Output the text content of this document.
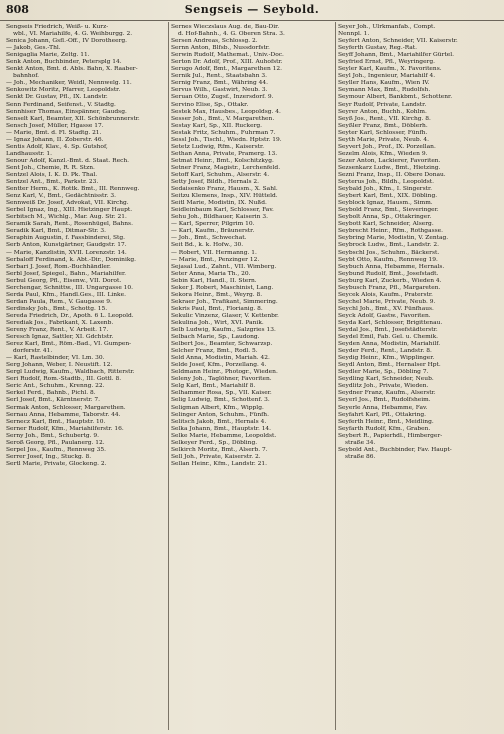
808	Sengseis — Seybold.
Sengseis Friedrich, Weiß- u. Kurz-
wbl., VI. Mariahilfe, 4. G. Weihburgg. 2.
Senica Johann, Gsfl.-Off., IV Dorotheerg.
— Jakob, Ges.-Thl.
Senigaglia Marie, Zeltg. 11.
Senk Anton, Buchbinder, Petersplg 14.
Senkt Anton, Bmt. d. Abls. Bahn, X. Raaber-
bahnhof.
— Joh., Mechaniker, Weidl, Nennwelg. 11.
Senkowitz Moritz, Pfarrer, Leopoldstr.
Senkt Dr. Gustav, Pfl., IX. Landstr.
Senn Ferdinand, Seifenst., V. Stadtg.
Sennhiser Thomas, Einspänner, Gaudsg.
Senselt Karl, Beamter, XII. Schönbrunnerstr.
Sensch Josef, Müller, Hgasse 17.
— Marie, Bmt. d. Fl. Stadtg. 21.
— Ignaz Johann, II. Zoberstr. 46.
Sentis Adolf, Klav., 4. Sp. Gutshof,
Landhausstr. 1.
Senour Adolf, Kanzl.-Bmt. d. Staat. Rech.
Sent Joh., Chemie, R. R. Stzn.
Sentzel Alois, I. K. D. Pk. Thal.
Sentzel Ant., Bmt., Parkstr. 23.
Sentter Herm., K. Rottk. Bmt., III. Rennweg.
Senz Karl, V., Bmt., Gedächtnisstr. 3.
Sennweiß Dr. Josef, Advokat, VII. Kirchg.
Serbel Ignaz, Ing., XIII. Hietzinger Haupt.
Serbitsch M., Wichlg., Mar. Aug. Str. 21.
Seramik Sarah, Rent., Rosenhügel, Bahns.
Seradik Karl, Bmt., Ditmar-Str. 3.
Seraphin Augustin, f. Fassbinderei, Stg.
Serb Anton, Kunstgärtner, Gaudgstr. 17.
— Marie, Kanzlistin, XVII. Lorenzstr. 14.
Serbaloff Ferdinand, k. Abt.-Dir., Dominikg.
Serbari J. Josef, Rom.-Buchhändler.
Serbl Josef, Spiegel., Bahn., Mariahilfer.
Serbul Georg, Pfl., Eisenw., VII. Dorot.
Serchengar, Schnittw., III. Ungargasse 10.
Serda Paul, Kfm., Handl.Ges., III. Linke.
Serdan Paula, Rem., V. Gaugasse 9.
Serdinsky Joh., Bmt., Schottg. 15.
Sereda Friedrich, Dr., Apoth. 6 L. Leopold.
Serediak Jos., Fabrikant, X. Laxenb.
Sereny Franz, Rent., V. Arbeit. 17.
Seresch Ignaz, Sattler, XI. Gdchtstr.
Serez Karl, Bmt., Röm.-Bad., VI. Gumpen-
dorferstr. 41.
— Karl, Rastelbinder, VI. Lm. 30.
Serg Johann, Weber, I. Neustift. 12.
Sergl Ludwig, Kaufm., Waldbach, Ritterstr.
Seri Rudolf, Rom.-Stadtb., III. Gottl. 8.
Seric Ant., Schuhm., Krenng. 22.
Serkel Ferd., Bahnb., Pichl. 8.
Serl Josef, Bmt., Kärntnerstr. 7.
Sermak Anton, Schlosser, Margarethen.
Sernau Anna, Hebamme, Taborstr. 44.
Sernecz Karl, Bmt., Hauptstr. 10.
Serner Rudolf, Kfm., Mariahilferstr. 16.
Serny Joh., Bmt., Schubertg. 9.
Seroß Georg, Pfl., Paulanerg. 12.
Serpel Jos., Kaufm., Rennweg 35.
Serrer Josef, Ing., Stuckg. 8.
Sertl Marie, Private, Glockeng. 2.
Sernes Wieczslaus Aug. de, Bau-Dir.
d. Hof-Bahnh., 4. G. Oberen Stra. 3.
Sersen Andreas, Schlossg. 2.
Sernn Anton, Blfsb., Nussdorfstr.
Serwin Rudolf, Mathemat., Univ.-Doc.
Serton Dr. Adolf, Prof., XIII. Auhofstr.
Serugo Adolf, Bmt., Margarethen 12.
Sernik Jul., Rent., Staatsbahn 3.
Sernig Franz, Bmt., Währing 44.
Servus Wilh., Gastwirt, Neub. 3.
Seruan Otto, Zugsf., Inzersdorf. 9.
Servino Elise, Sp., Ottakr.
Sestek Max, Hausbes., Leopoldsg. 4.
Sesser Joh., Bmt., V. Margarethen.
Sestay Karl, Sp., XII. Ruckerg.
Sestak Fritz, Schuhm., Fuhrman 7.
Sessl Joh., Tischl., Wiedn. Hptstr. 19.
Setetz Ludwig, Rfm., Kaiserstr.
Sethan Anna, Private, Pramerg. 13.
Setmat Heinr., Bmt., Kolschitzkyg.
Setner Franz, Magistr., Lerchenfeld.
Setoff Karl, Schuhm., Alserstr. 4.
Setty Josef, Bildh., Hernals 2.
Sedaisenko Franz, Hausm., X. Sahl.
Seitzu Klemens, Insp., XIV. Hütteld.
Seitl Marie, Modistin, IX. Nußd.
Seidleinbaum Karl, Schlosser, Fav.
Sehu Joh., Bildhauer, Kaiserin 3.
— Karl, Sperrer, Pilgrim 10.
— Karl, Kaufm., Bräunerstr.
— Joh., Bmt., Schwechat.
Seit Bd., k. k. Hofw., 30.
— Robert, VII. Hermanng. 1.
— Marie, Bmt., Penzinger 12.
Sejasal Lud., Zahnt., VII. Wimberg.
Seter Anna, Maria Th., 20.
Sebin Karl, Handl., II. Stern.
Seker J. Robert, Maschinist, Lang.
Sekora Heinr., Bmt., Weyrg. 8.
Sekraer Joh., Trafikant, Simmering.
Sekris Paul, Bmt., Florianig. 8.
Sekulic Vinzenz, Glaser, V. Kettenbr.
Sekulina Joh., Wirt, XVI. Panik.
Selb Ludwig, Kaufm., Salzgries 13.
Selbach Marie, Sp., Laudong.
Selbert Jos., Beamter, Schwarzsp.
Selcher Franz, Bmt., Rodl. 5.
Seld Anna, Modistin, Mariah. 42.
Selde Josef, Kfm., Porzellang. 4.
Seldmann Heinr., Photogr., Wieden.
Seleny Joh., Taglöhner, Favoriten.
Selg Karl, Bmt., Mariahilf 8.
Selhammer Rosa, Sp., VII. Kaiser.
Selig Ludwig, Bmt., Schottenf. 3.
Seligman Albert, Kfm., Wipplg.
Selinger Anton, Schuhm., Fünfh.
Selitsch Jakob, Bmt., Hernals 4.
Selka Johann, Bmt., Hauptstr. 14.
Selke Marie, Hebamme, Leopoldst.
Selkeyer Ferd., Sp., Döbling.
Selkirch Moritz, Bmt., Alserb. 7.
Sell Joh., Private, Kaiserstr. 2.
Sellan Heinr., Kfm., Landstr. 21.
Seyer Joh., Ulrkmanfab., Compt.
Nennpl. 1.
Seyfert Anton, Schneider, VII. Kaiserstr.
Seyferth Gustav, Reg.-Rat.
Seyff Johann, Bmt., Mariahilfer Gürtel.
Seyfried Ernst, Pfl., Weyringerg.
Seyler Karl, Kaufm., X. Favoritens.
Seyl Joh., Ingenieur, Mariahilf 4.
Seyller Hans, Kaufm., Wien IV.
Seymann Max, Bmt., Rudolfsh.
Seymour Albert, Bankbmt., Schottenr.
Seyr Rudolf, Private, Landstr.
Seyrer Anton, Buchh., Kohlm.
Seyß Jos., Rent., VII. Kirchg. 8.
Seyßler Franz, Bmt., Döblerh.
Seyter Karl, Schlosser, Fünfh.
Seyth Marie, Private, Neub. 4.
Seyvert Joh., Prof., IX. Porzellan.
Sezelm Alois, Kfm., Wieden 9.
Sezer Anton, Lackierer, Favoriten.
Sezsenkarz Ludw., Bmt., Hietzing.
Sezni Franz, Insp., II. Obere Donau.
Seyterus Joh., Bildh., Leopoldst.
Seybald Joh., Kfm., I. Singerstr.
Seybert Karl, Bmt., XIX. Döbling.
Seyblock Ignaz, Hausm., Simm.
Seybold Franz, Bmt., Sieveringer.
Seybolt Anna, Sp., Ottakringer.
Seybott Karl, Schneider, Alserg.
Seybrecht Heinr., Rfm., Rothgasse.
Seybring Marie, Modistin, V. Zentag.
Seybrock Ludw., Bmt., Landstr. 2.
Seybschl Jos., Schuhm., Bäckerst.
Seybt Otto, Kaufm., Rennweg 19.
Seybuch Anna, Hebamme, Hernals.
Seybund Rudolf, Bmt., Josefstadt.
Seyburg Karl, Zuckerb., Wieden 4.
Seybusch Franz, Pfl., Margareten.
Seycek Alois, Kaufm., Praterstr.
Seychel Marie, Private, Neub. 9.
Seychl Joh., Bmt., XV. Fünfhaus.
Seyck Adolf, Gastw., Favoriten.
Seyda Karl, Schlosser, Brigittenau.
Seydal Jos., Bmt., Josefstädterstr.
Seydel Emil, Fab. Gel. u. Chemik.
Seyden Anna, Modistin, Mariahilf.
Seyder Ferd., Rent., Landstr. 8.
Seydig Heinr., Kfm., Wipplinger.
Seydl Anton, Bmt., Hernalser Hpt.
Seydler Marie, Sp., Döbling 7.
Seydling Karl, Schneider, Neub.
Seydlitz Joh., Private, Wieden.
Seydner Franz, Kaufm., Alserstr.
Seyerl Jos., Bmt., Rudolfsheim.
Seyerle Anna, Hebamme, Fav.
Seyfahrt Karl, Pfl., Ottakring.
Seyferth Heinr., Bmt., Meidling.
Seyfarth Rudolf, Kfm., Graben.
Seybert R., Papierhdl., Himberger-
straße 34.
Seybold Ant., Buchbinder, Fav. Haupt-
straße 86.
